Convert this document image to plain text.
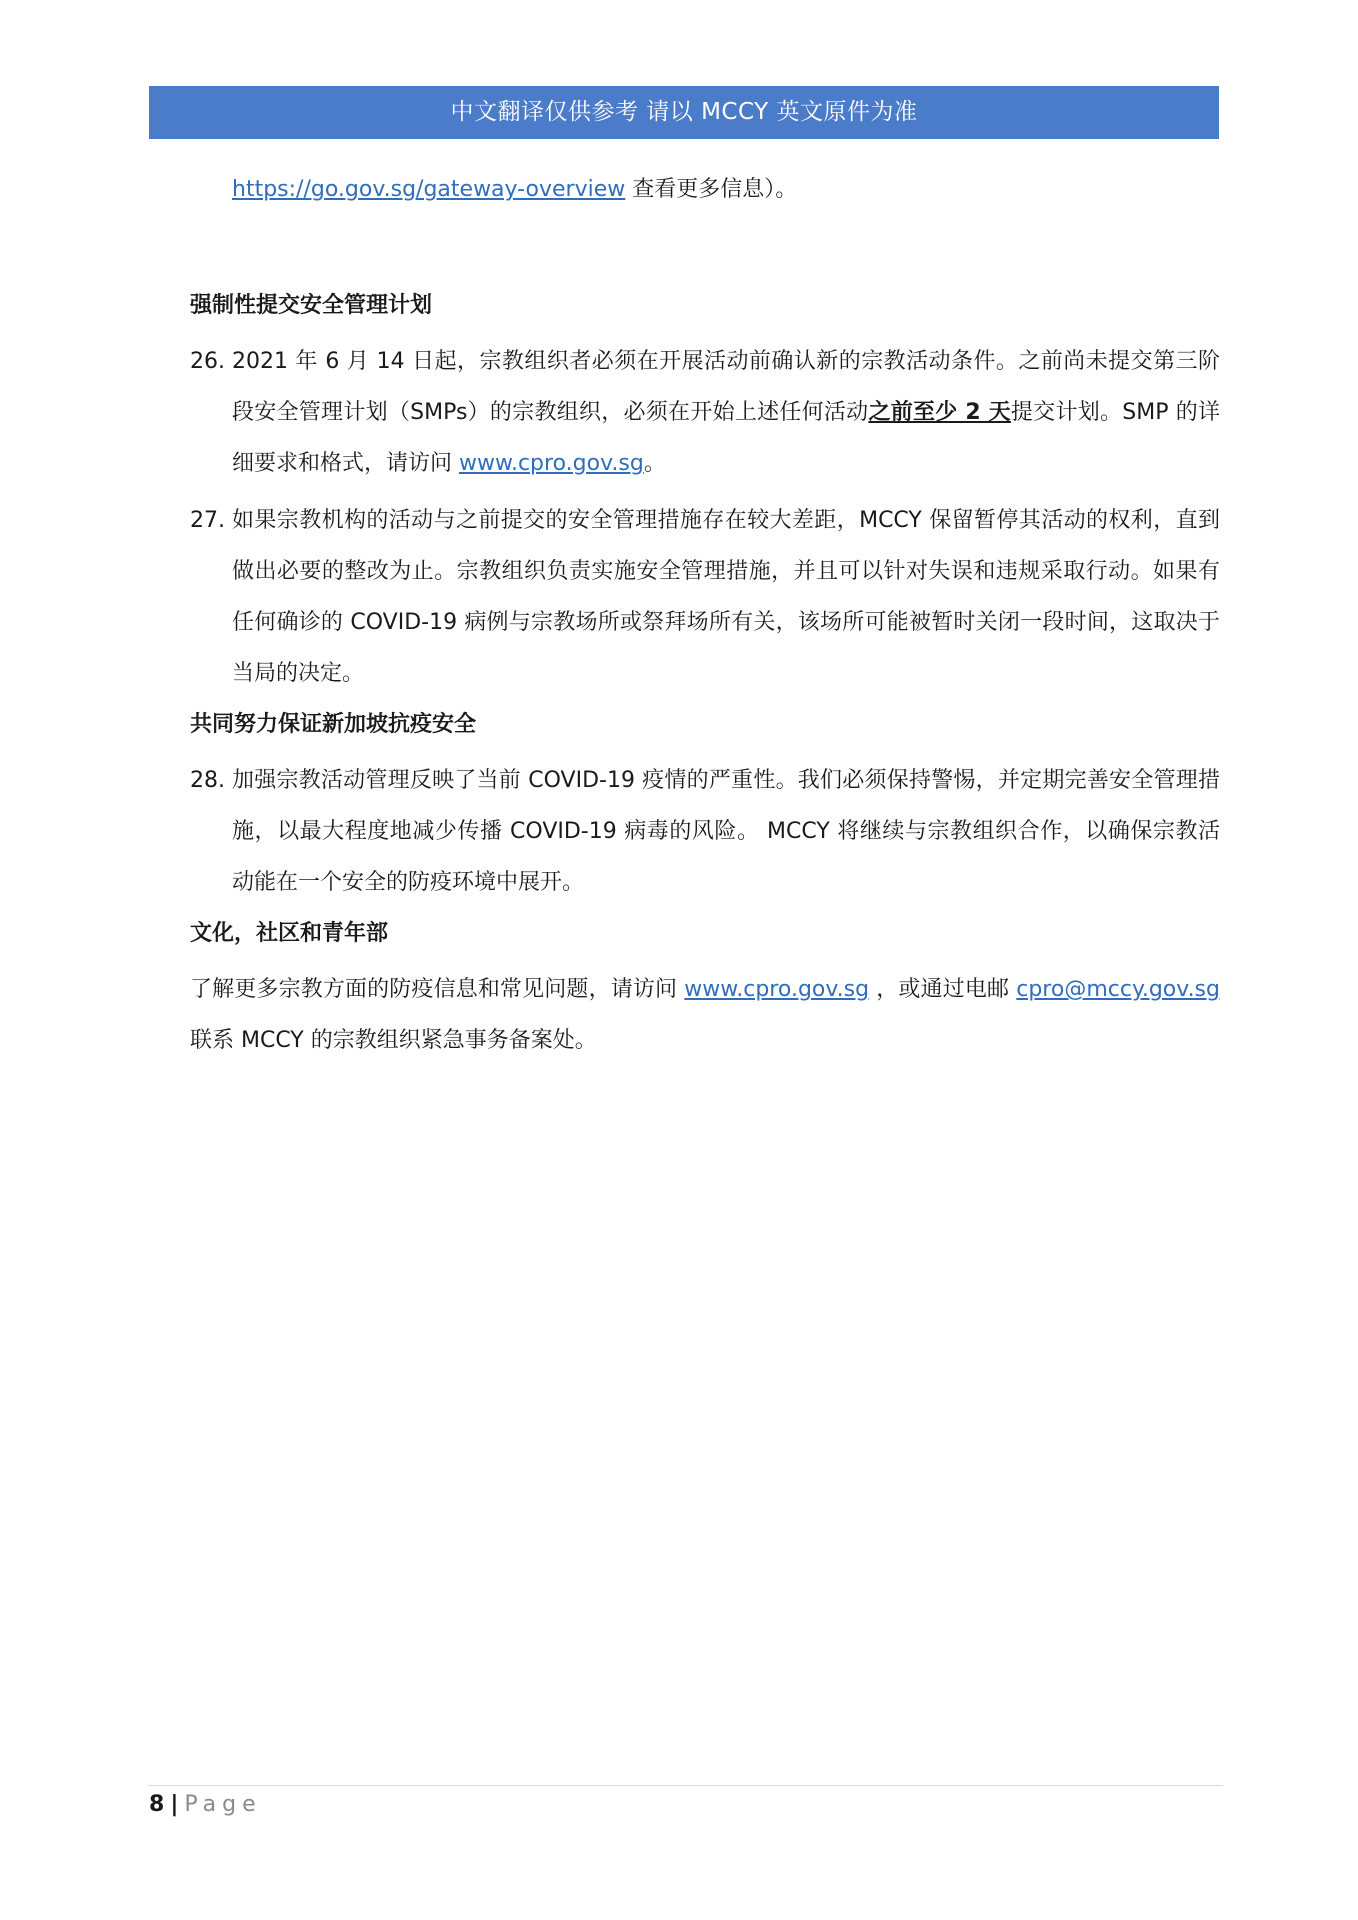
中文翻译仅供参考 请以 MCCY 英文原件为准

https://go.gov.sg/gateway-overview 查看更多信息）。

强制性提交安全管理计划

26. 2021 年 6 月 14 日起，宗教组织者必须在开展活动前确认新的宗教活动条件。之前尚未提交第三阶段安全管理计划（SMPs）的宗教组织，必须在开始上述任何活动之前至少 2 天提交计划。SMP 的详细要求和格式，请访问 www.cpro.gov.sg。

27. 如果宗教机构的活动与之前提交的安全管理措施存在较大差距，MCCY 保留暂停其活动的权利，直到做出必要的整改为止。宗教组织负责实施安全管理措施，并且可以针对失误和违规采取行动。如果有任何确诊的 COVID-19 病例与宗教场所或祭拜场所有关，该场所可能被暂时关闭一段时间，这取决于当局的决定。

共同努力保证新加坡抗疫安全

28. 加强宗教活动管理反映了当前 COVID-19 疫情的严重性。我们必须保持警惕，并定期完善安全管理措施，以最大程度地减少传播 COVID-19 病毒的风险。 MCCY 将继续与宗教组织合作，以确保宗教活动能在一个安全的防疫环境中展开。

文化，社区和青年部

了解更多宗教方面的防疫信息和常见问题，请访问 www.cpro.gov.sg ，或通过电邮 cpro@mccy.gov.sg 联系 MCCY 的宗教组织紧急事务备案处。

8 | Page
